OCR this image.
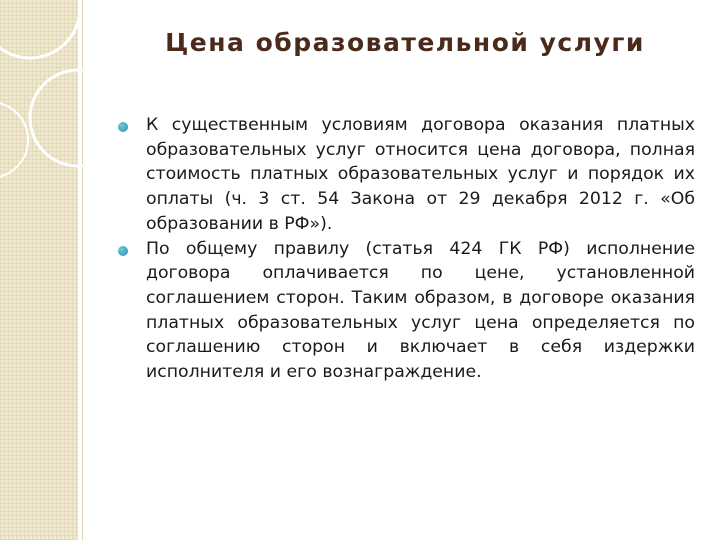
Цена образовательной услуги
К существенным условиям договора оказания платных образовательных услуг относится цена договора, полная стоимость платных образовательных услуг и порядок их оплаты (ч. 3 ст. 54 Закона от 29 декабря 2012 г. «Об образовании в РФ»).
По общему правилу (статья 424 ГК РФ) исполнение договора оплачивается по цене, установленной соглашением сторон. Таким образом, в договоре оказания платных образовательных услуг цена определяется по соглашению сторон и включает в себя издержки исполнителя и его вознаграждение.
